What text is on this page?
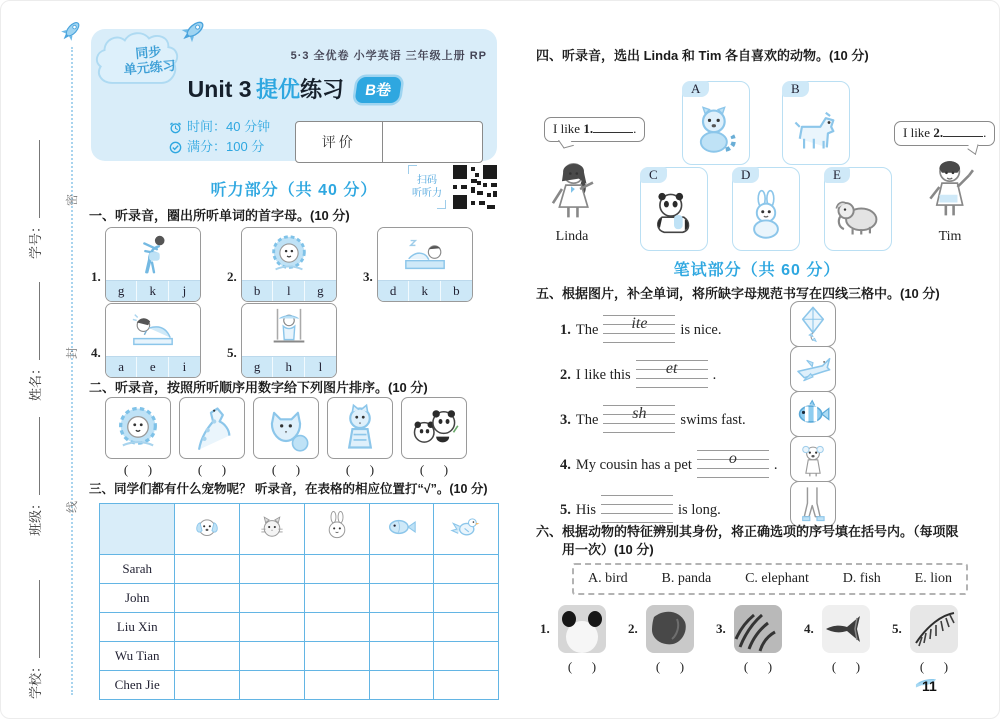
密
封
线
学号：
姓名：
班级：
学校：
同步
单元练习
5·3 全优卷 小学英语 三年级上册 RP
Unit 3 提优练习 B卷
时间：40 分钟
满分：100 分	评价
听力部分（共 40 分）
扫码
听听力
一、听录音，圈出所听单词的首字母。(10 分)
1.
g	k	j
2.
b	l	g
3.
d	k	b
4.
a	e	i
5.
g	h	l
二、听录音，按照所听顺序用数字给下列图片排序。(10 分)
(      )	(      )	(      )	(      )	(      )
三、同学们都有什么宠物呢？ 听录音，在表格的相应位置打“√”。(10 分)

Sarah					
John					
Liu Xin					
Wu Tian					
Chen Jie					
四、听录音，选出 Linda 和 Tim 各自喜欢的动物。(10 分)
I like 1.	.	I like 2.	.
A	B
C	D	E
Linda	Tim
笔试部分（共 60 分）
五、根据图片，补全单词，将所缺字母规范书写在四线三格中。(10 分)
1. The	ite	is nice.
2. I like this	et	.
3. The	sh	swims fast.
4. My cousin has a pet	o	.
5. His	is long.
六、根据动物的特征辨别其身份，将正确选项的序号填在括号内。（每项限
用一次）(10 分)
A. bird B. panda C. elephant D. fish E. lion
1.
(      )
2.
(      )
3.
(      )
4.
(      )
5.
(      )
11
